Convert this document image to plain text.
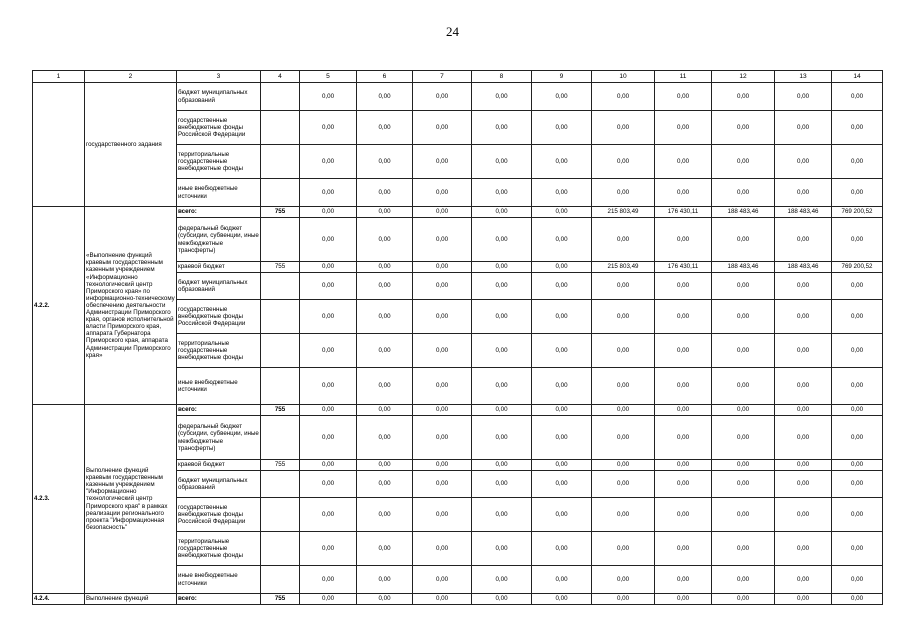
24
1	2	3	4	5	6	7	8	9	10	11	12	13	14
	государственного задания	бюджет муниципальных образований		0,00	0,00	0,00	0,00	0,00	0,00	0,00	0,00	0,00	0,00
		государственные внебюджетные фонды Российской Федерации		0,00	0,00	0,00	0,00	0,00	0,00	0,00	0,00	0,00	0,00
		территориальные государственные внебюджетные фонды		0,00	0,00	0,00	0,00	0,00	0,00	0,00	0,00	0,00	0,00
		иные внебюджетные источники		0,00	0,00	0,00	0,00	0,00	0,00	0,00	0,00	0,00	0,00
4.2.2.	«Выполнение функций краевым государственным казенным учреждением «Информационно технологический центр Приморского края» по информационно-техническому обеспечению деятельности Администрации Приморского края, органов исполнительной власти Приморского края, аппарата Губернатора Приморского края, аппарата Администрации Приморского края»	всего:	755	0,00	0,00	0,00	0,00	0,00	215 803,49	176 430,11	188 483,46	188 483,46	769 200,52
		федеральный бюджет (субсидии, субвенции, иные межбюджетные трансферты)		0,00	0,00	0,00	0,00	0,00	0,00	0,00	0,00	0,00	0,00
		краевой бюджет	755	0,00	0,00	0,00	0,00	0,00	215 803,49	176 430,11	188 483,46	188 483,46	769 200,52
		бюджет муниципальных образований		0,00	0,00	0,00	0,00	0,00	0,00	0,00	0,00	0,00	0,00
		государственные внебюджетные фонды Российской Федерации		0,00	0,00	0,00	0,00	0,00	0,00	0,00	0,00	0,00	0,00
		территориальные государственные внебюджетные фонды		0,00	0,00	0,00	0,00	0,00	0,00	0,00	0,00	0,00	0,00
		иные внебюджетные источники		0,00	0,00	0,00	0,00	0,00	0,00	0,00	0,00	0,00	0,00
4.2.3.	Выполнение функций краевым государственным казенным учреждением "Информационно технологический центр Приморского края" в рамках реализации регионального проекта "Информационная безопасность"	всего:	755	0,00	0,00	0,00	0,00	0,00	0,00	0,00	0,00	0,00	0,00
		федеральный бюджет (субсидии, субвенции, иные межбюджетные трансферты)		0,00	0,00	0,00	0,00	0,00	0,00	0,00	0,00	0,00	0,00
		краевой бюджет	755	0,00	0,00	0,00	0,00	0,00	0,00	0,00	0,00	0,00	0,00
		бюджет муниципальных образований		0,00	0,00	0,00	0,00	0,00	0,00	0,00	0,00	0,00	0,00
		государственные внебюджетные фонды Российской Федерации		0,00	0,00	0,00	0,00	0,00	0,00	0,00	0,00	0,00	0,00
		территориальные государственные внебюджетные фонды		0,00	0,00	0,00	0,00	0,00	0,00	0,00	0,00	0,00	0,00
		иные внебюджетные источники		0,00	0,00	0,00	0,00	0,00	0,00	0,00	0,00	0,00	0,00
4.2.4.	Выполнение функций	всего:	755	0,00	0,00	0,00	0,00	0,00	0,00	0,00	0,00	0,00	0,00
